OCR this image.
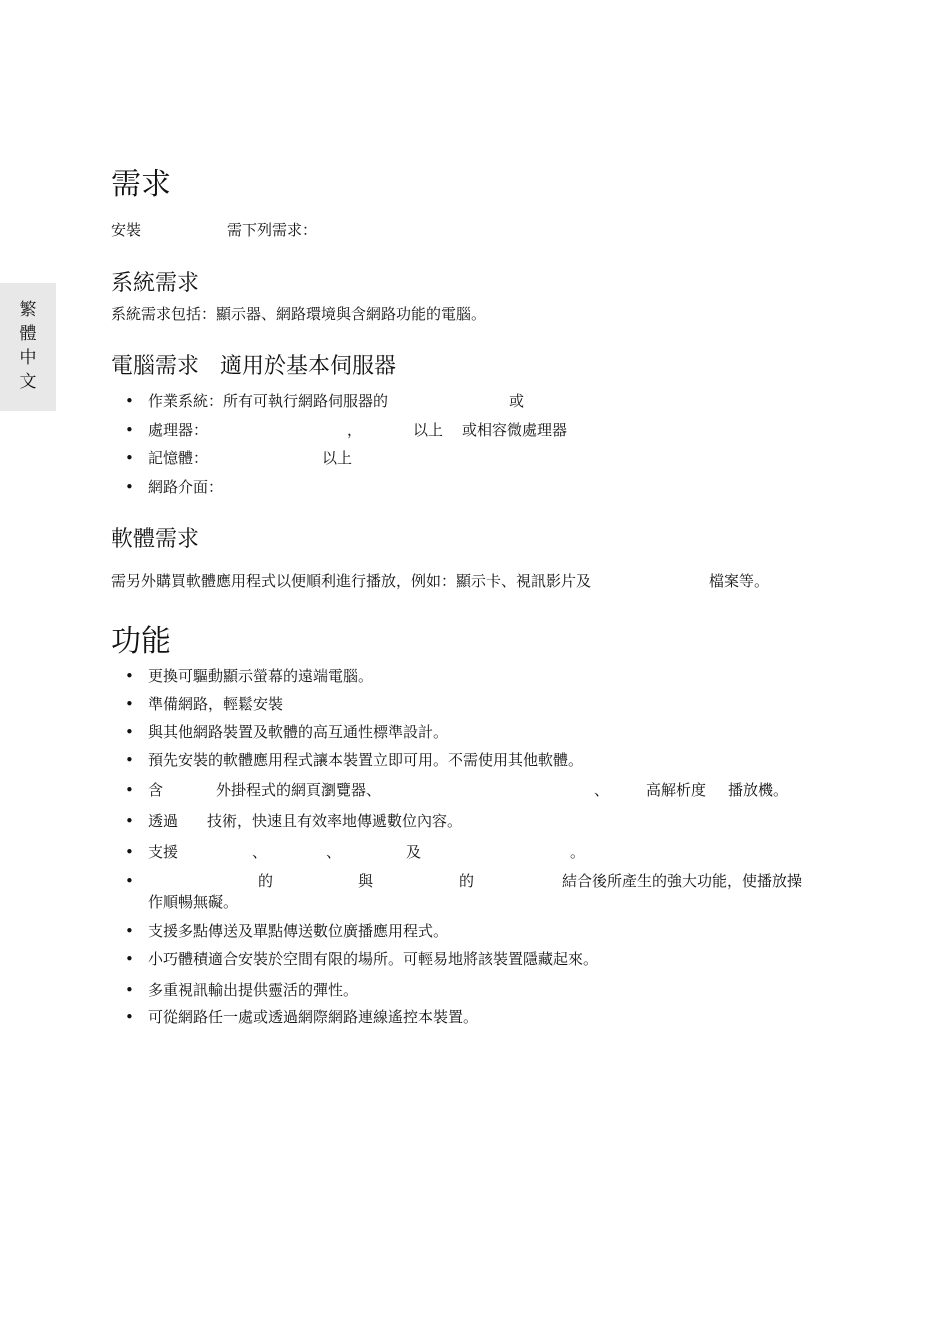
繁
體
中
文
需求
安裝	需下列需求：
系統需求
系統需求包括：顯示器、網路環境與含網路功能的電腦。
電腦需求 適用於基本伺服器
• 作業系統：所有可執行網路伺服器的	或
• 處理器：	，	以上 或相容微處理器
• 記憶體：	以上
• 網路介面：
軟體需求
需另外購買軟體應用程式以便順利進行播放，例如：顯示卡、視訊影片及	檔案等。
功能
• 更換可驅動顯示螢幕的遠端電腦。
• 準備網路，輕鬆安裝
• 與其他網路裝置及軟體的高互通性標準設計。
• 預先安裝的軟體應用程式讓本裝置立即可用。不需使用其他軟體。
• 含	外掛程式的網頁瀏覽器、	、 高解析度 播放機。
• 透過 技術，快速且有效率地傳遞數位內容。
• 支援	、	、	及	。
• 的	與	的	結合後所產生的強大功能，使播放操
作順暢無礙。
• 支援多點傳送及單點傳送數位廣播應用程式。
• 小巧體積適合安裝於空間有限的場所。可輕易地將該裝置隱藏起來。
• 多重視訊輸出提供靈活的彈性。
• 可從網路任一處或透過網際網路連線遙控本裝置。
